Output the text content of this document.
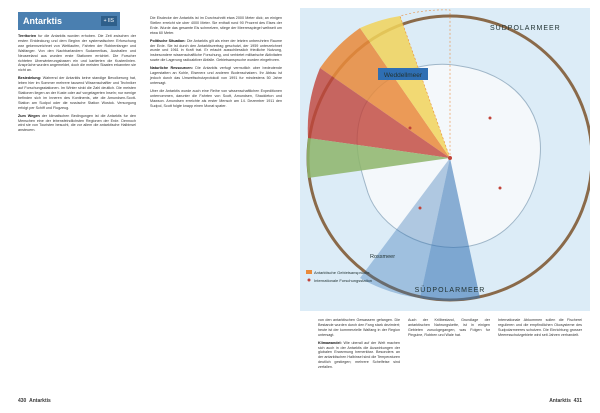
Antarktis	+ IIS

Territorien fur die Antarktis wurden erhoben. Die Zeit zwischen der ersten Entdeckung und dem Beginn der systematischen Erforschung war gekennzeichnet von Wettlaufen, Fahrten der Robbenfanger und Walfanger. Von den Nachbarlandern Sudamerikas, Australien und Neuseeland aus wurden erste Stationen errichtet. Die Forscher richteten Uberwinterungsbasen ein und kartierten die Kustenlinien. Ansprüche wurden angemeldet, doch die meisten Staaten erkannten sie nicht an.

Besiedelung: Wahrend der Antarktis keine standige Bevolkerung hat, leben hier im Sommer mehrere tausend Wissenschaftler und Techniker auf Forschungsstationen. Im Winter sinkt die Zahl deutlich. Die meisten Stationen liegen an der Kuste oder auf vorgelagerten Inseln; nur wenige befinden sich im Inneren des Kontinents, wie die Amundsen-Scott-Station am Sudpol oder die russische Station Wostok. Versorgung erfolgt per Schiff und Flugzeug.

Zum Wegen der klimatischen Bedingungen ist die Antarktis fur den Menschen eine der lebensfeindlichsten Regionen der Erde. Dennoch wird sie von Touristen besucht, die vor allem die antarktische Halbinsel ansteuern.

Die Eisdecke der Antarktis ist im Durchschnitt etwa 2000 Meter dick; an einigen Stellen erreicht sie uber 4000 Meter. Sie enthalt rund 90 Prozent des Eises der Erde. Wurde das gesamte Eis schmelzen, stiege der Meeresspiegel weltweit um etwa 60 Meter.

Politische Situation: Die Antarktis gilt als einer der letzten unberuhrten Raume der Erde. Sie ist durch den Antarktisvertrag geschutzt, der 1959 unterzeichnet wurde und 1961 in Kraft trat. Er erlaubt ausschliesslich friedliche Nutzung, insbesondere wissenschaftliche Forschung, und verbietet militarische Aktivitaten sowie die Lagerung radioaktiver Abfalle. Gebietsanspruche wurden eingefroren.

Naturliche Ressourcen: Die Antarktis verfugt vermutlich uber bedeutende Lagerstatten an Kohle, Eisenerz und anderen Bodenschatzen. Ihr Abbau ist jedoch durch das Umweltschutzprotokoll von 1991 fur mindestens 50 Jahre untersagt.

Uber die Antarktis wurde auch eine Reihe von wissenschaftlichen Expeditionen unternommen, darunter die Fahrten von Scott, Amundsen, Shackleton und Mawson. Amundsen erreichte als erster Mensch am 14. Dezember 1911 den Sudpol, Scott folgte knapp einen Monat spater.

430 Antarktis

von den antarktischen Gewassern gefangen. Die Bestande wurden durch den Fang stark dezimiert; heute ist der kommerzielle Walfang in der Region untersagt.

Klimawandel: Wie uberall auf der Welt machen sich auch in der Antarktis die Auswirkungen der globalen Erwarmung bemerkbar. Besonders an der antarktischen Halbinsel sind die Temperaturen deutlich gestiegen; mehrere Schelfeise sind zerfallen.

Auch der Krillbestand, Grundlage der antarktischen Nahrungskette, ist in einigen Gebieten zuruckgegangen, was Folgen fur Pinguine, Robben und Wale hat.

Internationale Abkommen sollen die Fischerei regulieren und die empfindlichen Okosysteme des Sudpolarmeeres schutzen. Die Einrichtung grosser Meeresschutzgebiete wird seit Jahren verhandelt.

Antarktis 431
Weddellmeer
SÜDPOLARMEER
SÜDPOLARMEER
Rossmeer
Antarktische Gebietsansprüche
Internationale Forschungsstation
